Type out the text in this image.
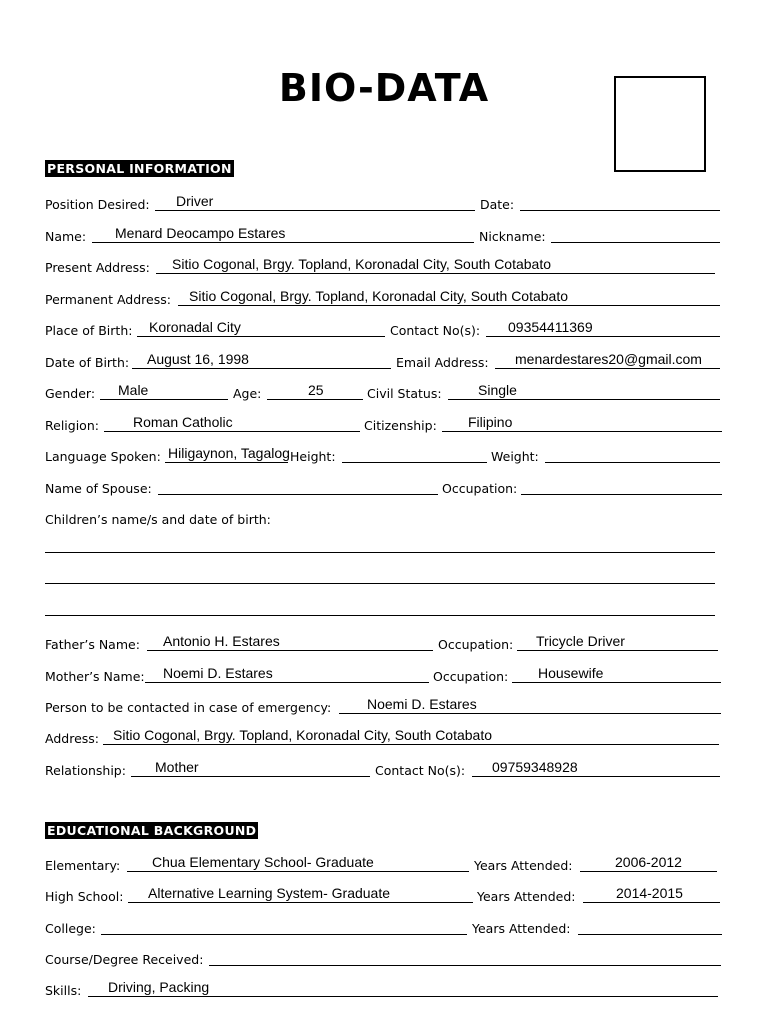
BIO-DATA
PERSONAL INFORMATION
Position Desired: Driver	Date:
Name: Menard Deocampo Estares	Nickname:
Present Address: Sitio Cogonal, Brgy. Topland, Koronadal City, South Cotabato
Permanent Address: Sitio Cogonal, Brgy. Topland, Koronadal City, South Cotabato
Place of Birth: Koronadal City	Contact No(s): 09354411369
Date of Birth: August 16, 1998	Email Address: menardestares20@gmail.com
Gender: Male	Age:	25	Civil Status:	Single
Religion: Roman Catholic	Citizenship: Filipino
Language Spoken: Hiligaynon, Tagalog Height:	Weight:
Name of Spouse:	Occupation:
Children’s name/s and date of birth:
Father’s Name: Antonio H. Estares	Occupation: Tricycle Driver
Mother’s Name: Noemi D. Estares	Occupation: Housewife
Person to be contacted in case of emergency:	Noemi D. Estares
Address: Sitio Cogonal, Brgy. Topland, Koronadal City, South Cotabato
Relationship: Mother	Contact No(s): 09759348928
EDUCATIONAL BACKGROUND
Elementary: Chua Elementary School- Graduate	Years Attended:	2006-2012
High School: Alternative Learning System- Graduate	Years Attended:	2014-2015
College:	Years Attended:
Course/Degree Received:
Skills: Driving, Packing
